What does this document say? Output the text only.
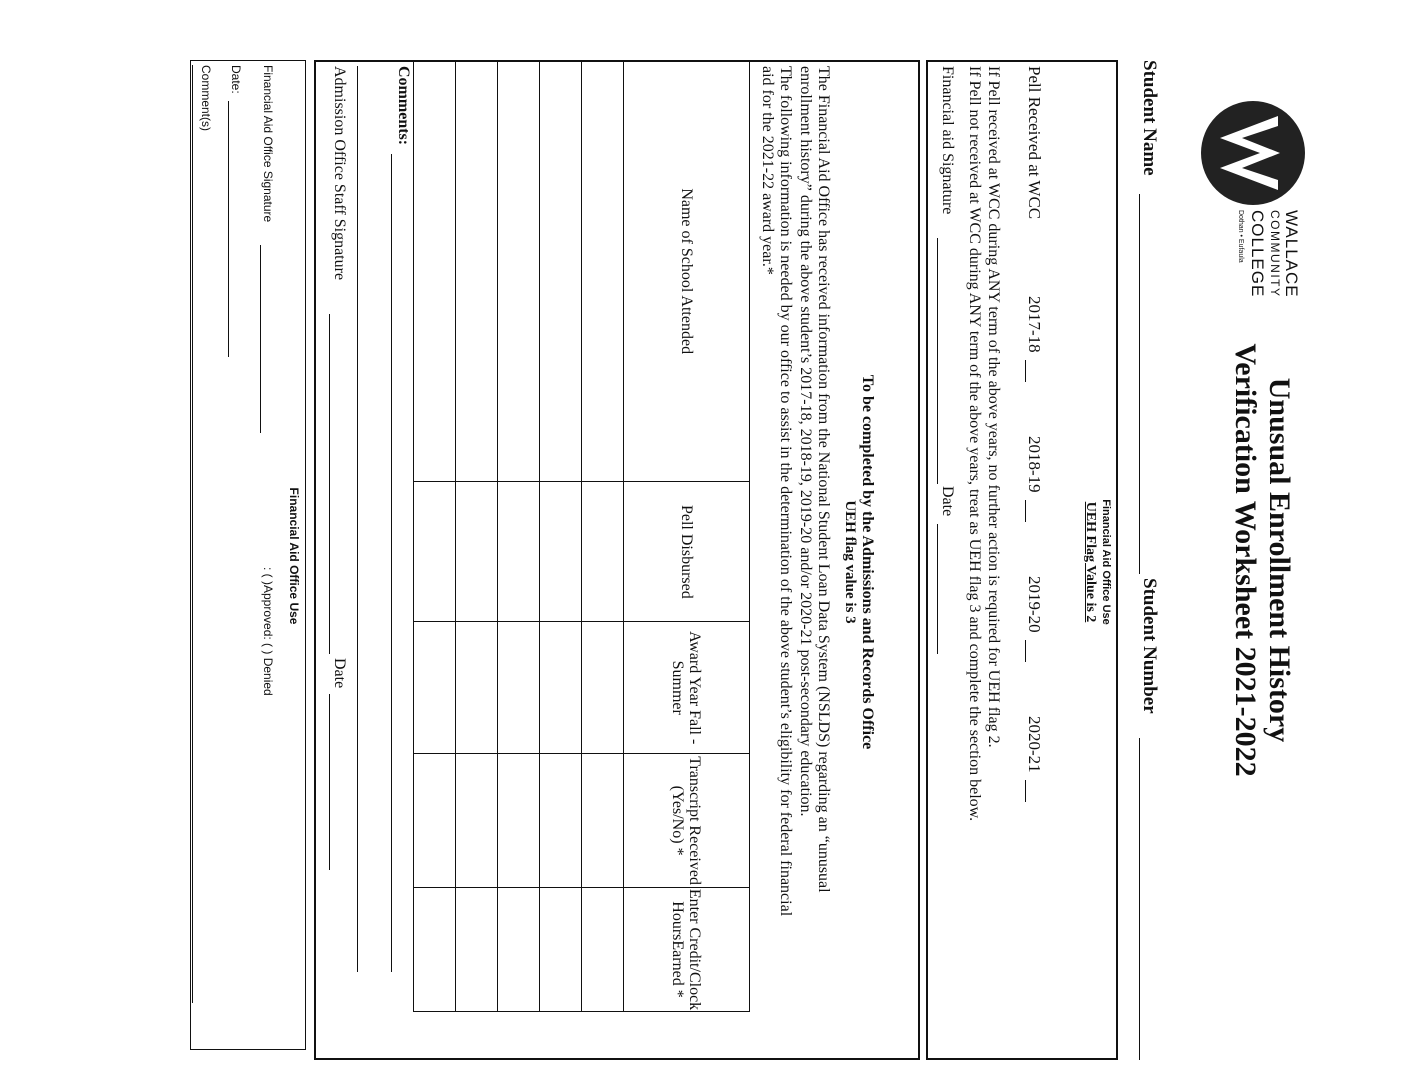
WALLACE
COMMUNITY
COLLEGE
Dothan • Eufaula
Unusual Enrollment History
Verification Worksheet 2021-2022
Student Name
Student Number
Financial Aid Office Use
UEH Flag Value is 2
Pell Received at WCC
2017-18
2018-19
2019-20
2020-21
If Pell received at WCC during ANY term of the above years, no further action is required for UEH flag 2.
If Pell not received at WCC during ANY term of the above years, treat as UEH flag 3 and complete the section below.
Financial aid Signature
Date
To be completed by the Admissions and Records Office
UEH flag value is 3
The Financial Aid Office has received information from the National Student Loan Data System (NSLDS) regarding an “unusual enrollment history” during the above student’s 2017-18, 2018-19, 2019-20 and/or 2020-21 post-secondary education.
The following information is needed by our office to assist in the determination of the above student’s eligibility for federal financial aid for the 2021-22 award year.*
Name of School Attended	Pell Disbursed	Award Year Fall - Summer	Transcript Received (Yes/No) *	Enter Credit/Clock HoursEarned *

Comments:
Admission Office Staff Signature
Date
Financial Aid Office Use
Financial Aid Office Signature
: ( )Approved: ( ) Denied
Date:
Comment(s)
